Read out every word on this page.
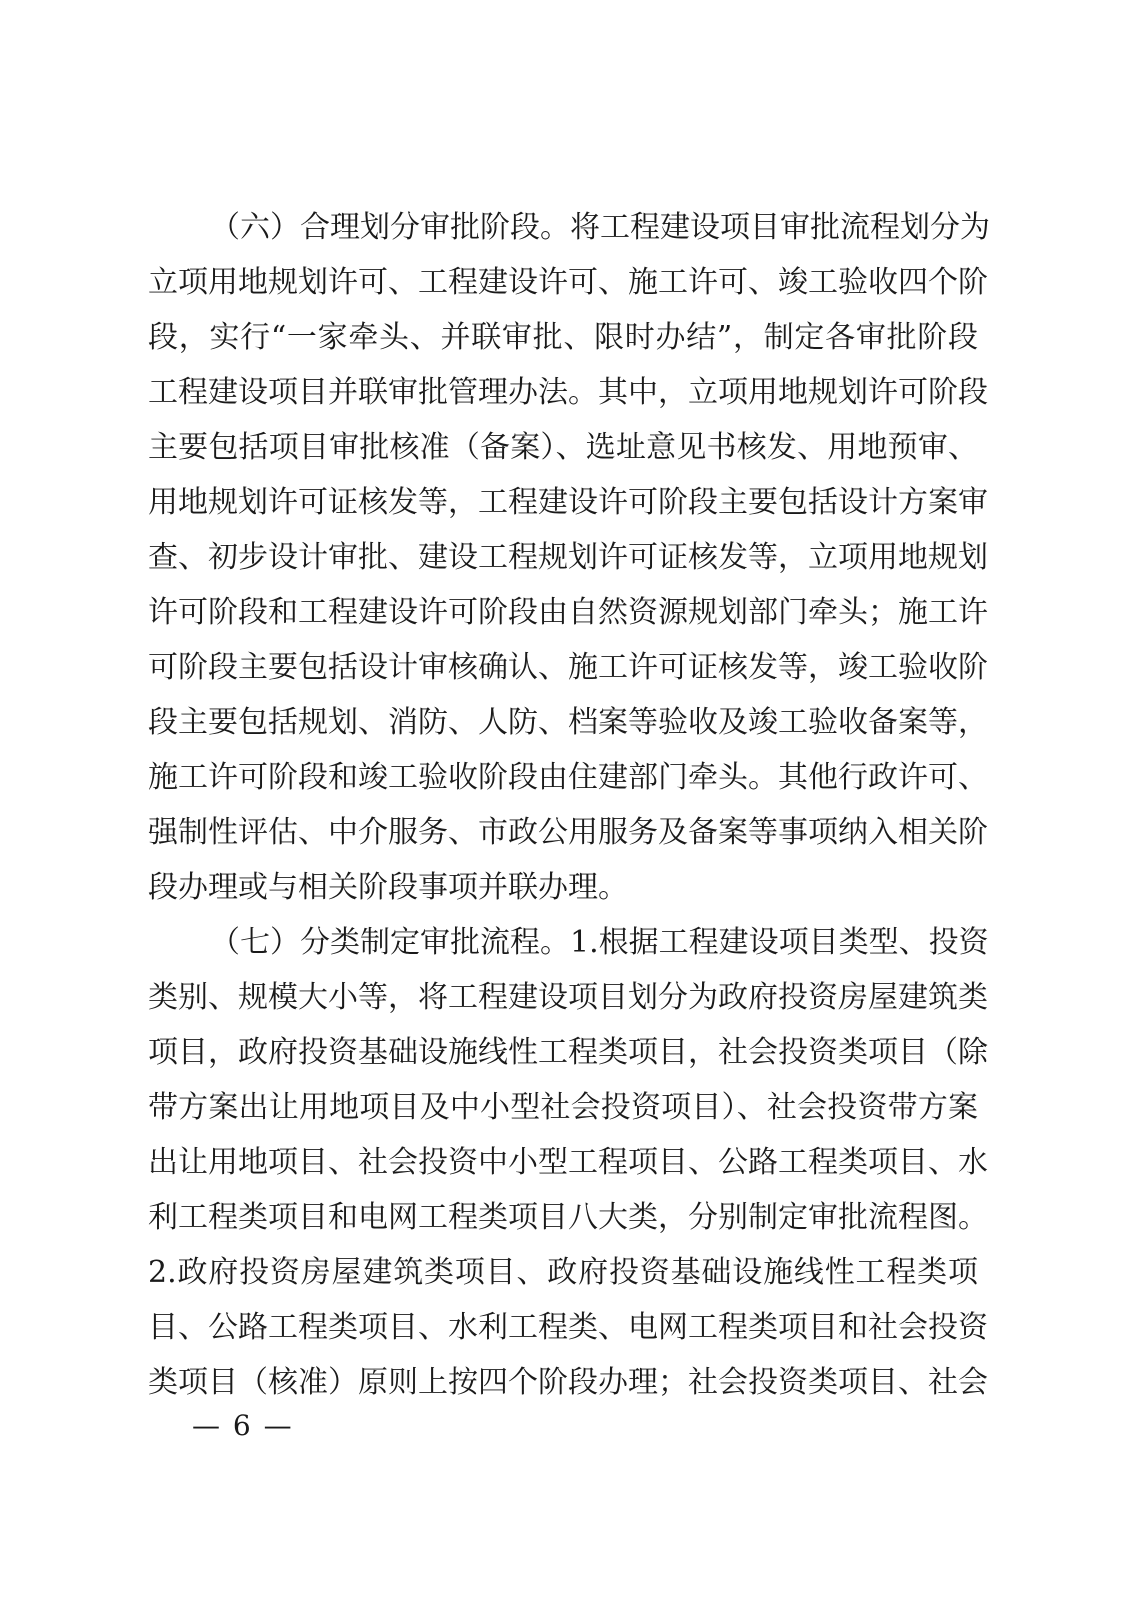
（六）合理划分审批阶段。将工程建设项目审批流程划分为
立项用地规划许可、工程建设许可、施工许可、竣工验收四个阶
段，实行“一家牵头、并联审批、限时办结”，制定各审批阶段
工程建设项目并联审批管理办法。其中，立项用地规划许可阶段
主要包括项目审批核准（备案）、选址意见书核发、用地预审、
用地规划许可证核发等，工程建设许可阶段主要包括设计方案审
查、初步设计审批、建设工程规划许可证核发等，立项用地规划
许可阶段和工程建设许可阶段由自然资源规划部门牵头；施工许
可阶段主要包括设计审核确认、施工许可证核发等，竣工验收阶
段主要包括规划、消防、人防、档案等验收及竣工验收备案等，
施工许可阶段和竣工验收阶段由住建部门牵头。其他行政许可、
强制性评估、中介服务、市政公用服务及备案等事项纳入相关阶
段办理或与相关阶段事项并联办理。
（七）分类制定审批流程。1.根据工程建设项目类型、投资
类别、规模大小等，将工程建设项目划分为政府投资房屋建筑类
项目，政府投资基础设施线性工程类项目，社会投资类项目（除
带方案出让用地项目及中小型社会投资项目）、社会投资带方案
出让用地项目、社会投资中小型工程项目、公路工程类项目、水
利工程类项目和电网工程类项目八大类，分别制定审批流程图。
2.政府投资房屋建筑类项目、政府投资基础设施线性工程类项
目、公路工程类项目、水利工程类、电网工程类项目和社会投资
类项目（核准）原则上按四个阶段办理；社会投资类项目、社会
— 6 —
